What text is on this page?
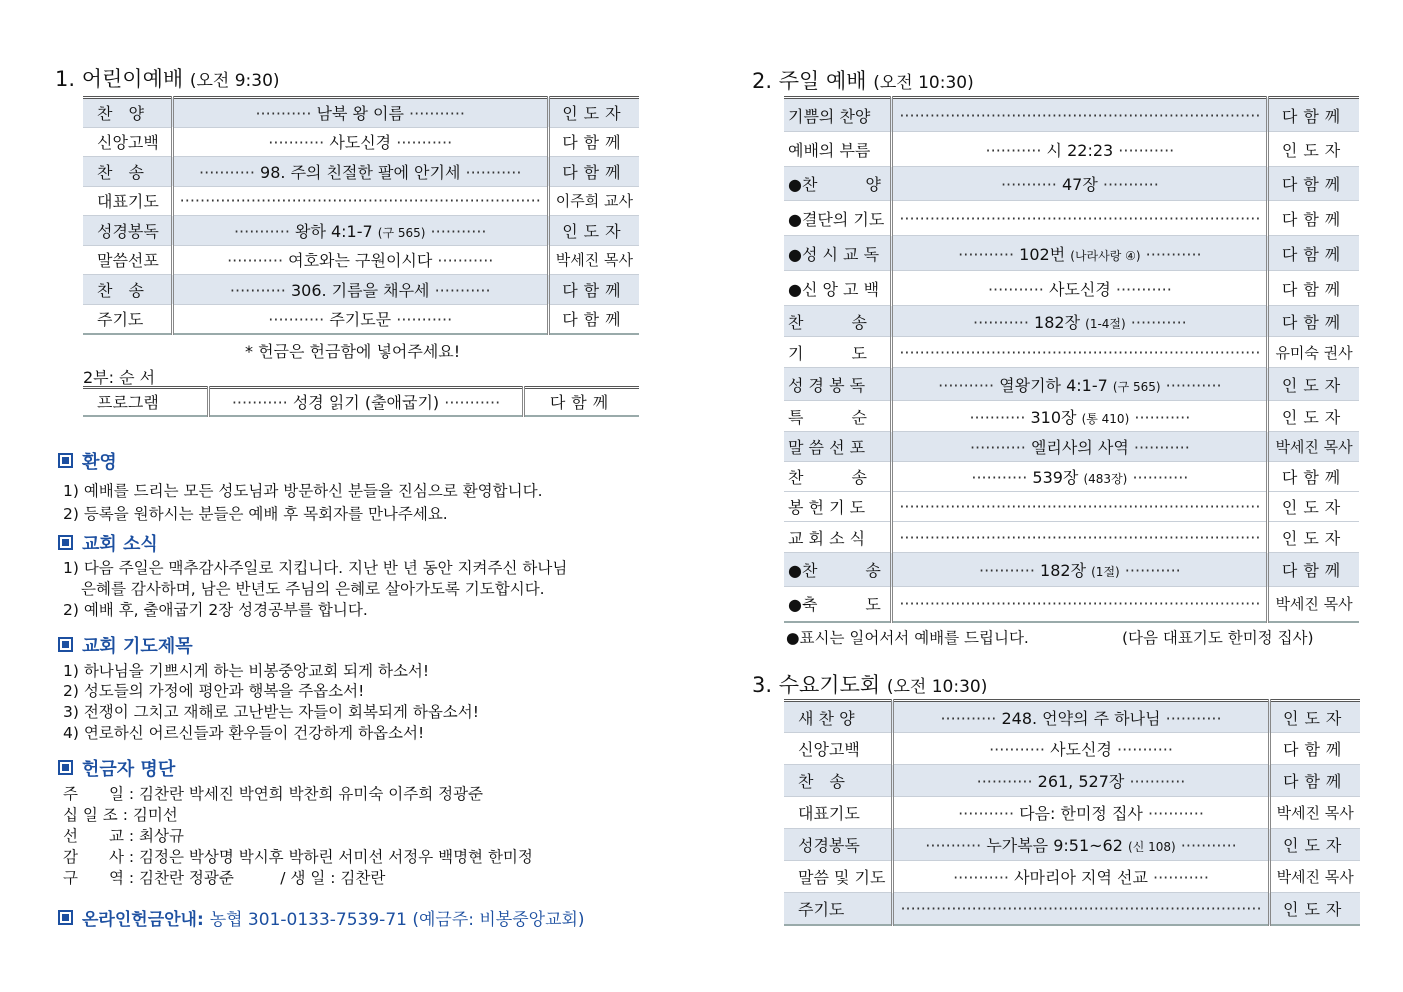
1. 어린이예배 (오전 9:30)
찬　양	··········· 남북 왕 이름 ···········	인도자
신앙고백	··········· 사도신경 ···········	다함께
찬　송	··········· 98. 주의 친절한 팔에 안기세 ···········	다함께
대표기도	·······································································	이주희 교사
성경봉독	··········· 왕하 4:1-7 (구 565) ···········	인도자
말씀선포	··········· 여호와는 구원이시다 ···········	박세진 목사
찬　송	··········· 306. 기름을 채우세 ···········	다함께
주기도	··········· 주기도문 ···········	다함께
* 헌금은 헌금함에 넣어주세요!
2부: 순 서
프로그램	··········· 성경 읽기 (출애굽기) ···········	다함께
환영
1) 예배를 드리는 모든 성도님과 방문하신 분들을 진심으로 환영합니다.
2) 등록을 원하시는 분들은 예배 후 목회자를 만나주세요.
교회 소식
1) 다음 주일은 맥추감사주일로 지킵니다. 지난 반 년 동안 지켜주신 하나님
은혜를 감사하며, 남은 반년도 주님의 은혜로 살아가도록 기도합시다.
2) 예배 후, 출애굽기 2장 성경공부를 합니다.
교회 기도제목
1) 하나님을 기쁘시게 하는 비봉중앙교회 되게 하소서!
2) 성도들의 가정에 평안과 행복을 주옵소서!
3) 전쟁이 그치고 재해로 고난받는 자들이 회복되게 하옵소서!
4) 연로하신 어르신들과 환우들이 건강하게 하옵소서!
헌금자 명단
주　　일 : 김찬란 박세진 박연희 박찬희 유미숙 이주희 정광준
십 일 조 : 김미선
선　　교 : 최상규
감　　사 : 김정은 박상명 박시후 박하린 서미선 서정우 백명현 한미정
구　　역 : 김찬란 정광준　　　/ 생 일 : 김찬란
온라인헌금안내: 농협 301-0133-7539-71 (예금주: 비봉중앙교회)
2. 주일 예배 (오전 10:30)
기쁨의 찬양	·······································································	다함께
예배의 부름	··········· 시 22:23 ···········	인도자
●찬　　　양	··········· 47장 ···········	다함께
●결단의 기도	·······································································	다함께
●성 시 교 독	··········· 102번 (나라사랑 ④) ···········	다함께
●신 앙 고 백	··········· 사도신경 ···········	다함께
찬　　　송	··········· 182장 (1-4절) ···········	다함께
기　　　도	·······································································	유미숙 권사
성 경 봉 독	··········· 열왕기하 4:1-7 (구 565) ···········	인도자
특　　　순	··········· 310장 (통 410) ···········	인도자
말 씀 선 포	··········· 엘리사의 사역 ···········	박세진 목사
찬　　　송	··········· 539장 (483장) ···········	다함께
봉 헌 기 도	·······································································	인도자
교 회 소 식	·······································································	인도자
●찬　　　송	··········· 182장 (1절) ···········	다함께
●축　　　도	·······································································	박세진 목사
●표시는 일어서서 예배를 드립니다.	(다음 대표기도 한미정 집사)
3. 수요기도회 (오전 10:30)
새 찬 양	··········· 248. 언약의 주 하나님 ···········	인도자
신앙고백	··········· 사도신경 ···········	다함께
찬　송	··········· 261, 527장 ···········	다함께
대표기도	··········· 다음: 한미정 집사 ···········	박세진 목사
성경봉독	··········· 누가복음 9:51~62 (신 108) ···········	인도자
말씀 및 기도	··········· 사마리아 지역 선교 ···········	박세진 목사
주기도	·······································································	인도자
